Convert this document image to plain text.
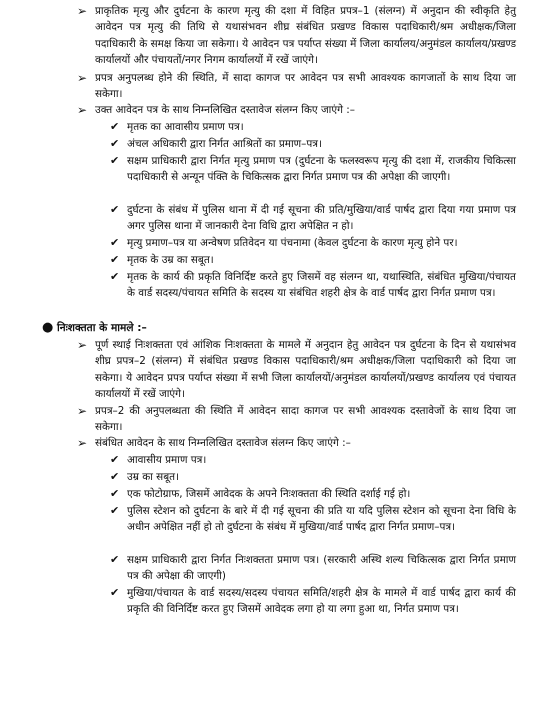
➢ प्राकृतिक मृत्यु और दुर्घटना के कारण मृत्यु की दशा में विहित प्रपत्र–1 (संलग्न) में अनुदान की स्वीकृति हेतु आवेदन पत्र मृत्यु की तिथि से यथासंभवन शीघ्र संबंधित प्रखण्ड विकास पदाधिकारी/श्रम अधीक्षक/जिला पदाधिकारी के समक्ष किया जा सकेगा। ये आवेदन पत्र पर्याप्त संख्या में जिला कार्यालय/अनुमंडल कार्यालय/प्रखण्ड कार्यालयों और पंचायतों/नगर निगम कार्यालयों में रखें जाएंगे।
➢ प्रपत्र अनुपलब्ध होने की स्थिति, में सादा कागज पर आवेदन पत्र सभी आवश्यक कागजातों के साथ दिया जा सकेगा।
➢ उक्त आवेदन पत्र के साथ निम्नलिखित दस्तावेज संलग्न किए जाएंगे :–
✔ मृतक का आवासीय प्रमाण पत्र।
✔ अंचल अधिकारी द्वारा निर्गत आश्रितों का प्रमाण–पत्र।
✔ सक्षम प्राधिकारी द्वारा निर्गत मृत्यु प्रमाण पत्र (दुर्घटना के फलस्वरूप मृत्यु की दशा में, राजकीय चिकित्सा पदाधिकारी से अन्यून पंक्ति के चिकित्सक द्वारा निर्गत प्रमाण पत्र की अपेक्षा की जाएगी।
✔ दुर्घटना के संबंध में पुलिस थाना में दी गई सूचना की प्रति/मुखिया/वार्ड पार्षद द्वारा दिया गया प्रमाण पत्र अगर पुलिस थाना में जानकारी देना विधि द्वारा अपेक्षित न हो।
✔ मृत्यु प्रमाण–पत्र या अन्वेषण प्रतिवेदन या पंचनामा (केवल दुर्घटना के कारण मृत्यु होने पर।
✔ मृतक के उम्र का सबूत।
✔ मृतक के कार्य की प्रकृति विनिर्दिष्ट करते हुए जिसमें वह संलग्न था, यथास्थिति, संबंधित मुखिया/पंचायत के वार्ड सदस्य/पंचायत समिति के सदस्य या संबंधित शहरी क्षेत्र के वार्ड पार्षद द्वारा निर्गत प्रमाण पत्र।
● निःशक्तता के मामले :–
➢ पूर्ण स्थाई निःशक्तता एवं आंशिक निःशक्तता के मामले में अनुदान हेतु आवेदन पत्र दुर्घटना के दिन से यथासंभव शीघ्र प्रपत्र–2 (संलग्न) में संबंधित प्रखण्ड विकास पदाधिकारी/श्रम अधीक्षक/जिला पदाधिकारी को दिया जा सकेगा। ये आवेदन प्रपत्र पर्याप्त संख्या में सभी जिला कार्यालयों/अनुमंडल कार्यालयों/प्रखण्ड कार्यालय एवं पंचायत कार्यालयों में रखें जाएंगे।
➢ प्रपत्र–2 की अनुपलब्धता की स्थिति में आवेदन सादा कागज पर सभी आवश्यक दस्तावेजों के साथ दिया जा सकेगा।
➢ संबंधित आवेदन के साथ निम्नलिखित दस्तावेज संलग्न किए जाएंगे :–
✔ आवासीय प्रमाण पत्र।
✔ उम्र का सबूत।
✔ एक फोटोग्राफ, जिसमें आवेदक के अपने निःशक्तता की स्थिति दर्शाई गई हो।
✔ पुलिस स्टेशन को दुर्घटना के बारे में दी गई सूचना की प्रति या यदि पुलिस स्टेशन को सूचना देना विधि के अधीन अपेक्षित नहीं हो तो दुर्घटना के संबंध में मुखिया/वार्ड पार्षद द्वारा निर्गत प्रमाण–पत्र।
✔ सक्षम प्राधिकारी द्वारा निर्गत निःशक्तता प्रमाण पत्र। (सरकारी अस्थि शल्य चिकित्सक द्वारा निर्गत प्रमाण पत्र की अपेक्षा की जाएगी)
✔ मुखिया/पंचायत के वार्ड सदस्य/सदस्य पंचायत समिति/शहरी क्षेत्र के मामले में वार्ड पार्षद द्वारा कार्य की प्रकृति की विनिर्दिष्ट करत हुए जिसमें आवेदक लगा हो या लगा हुआ था, निर्गत प्रमाण पत्र।
